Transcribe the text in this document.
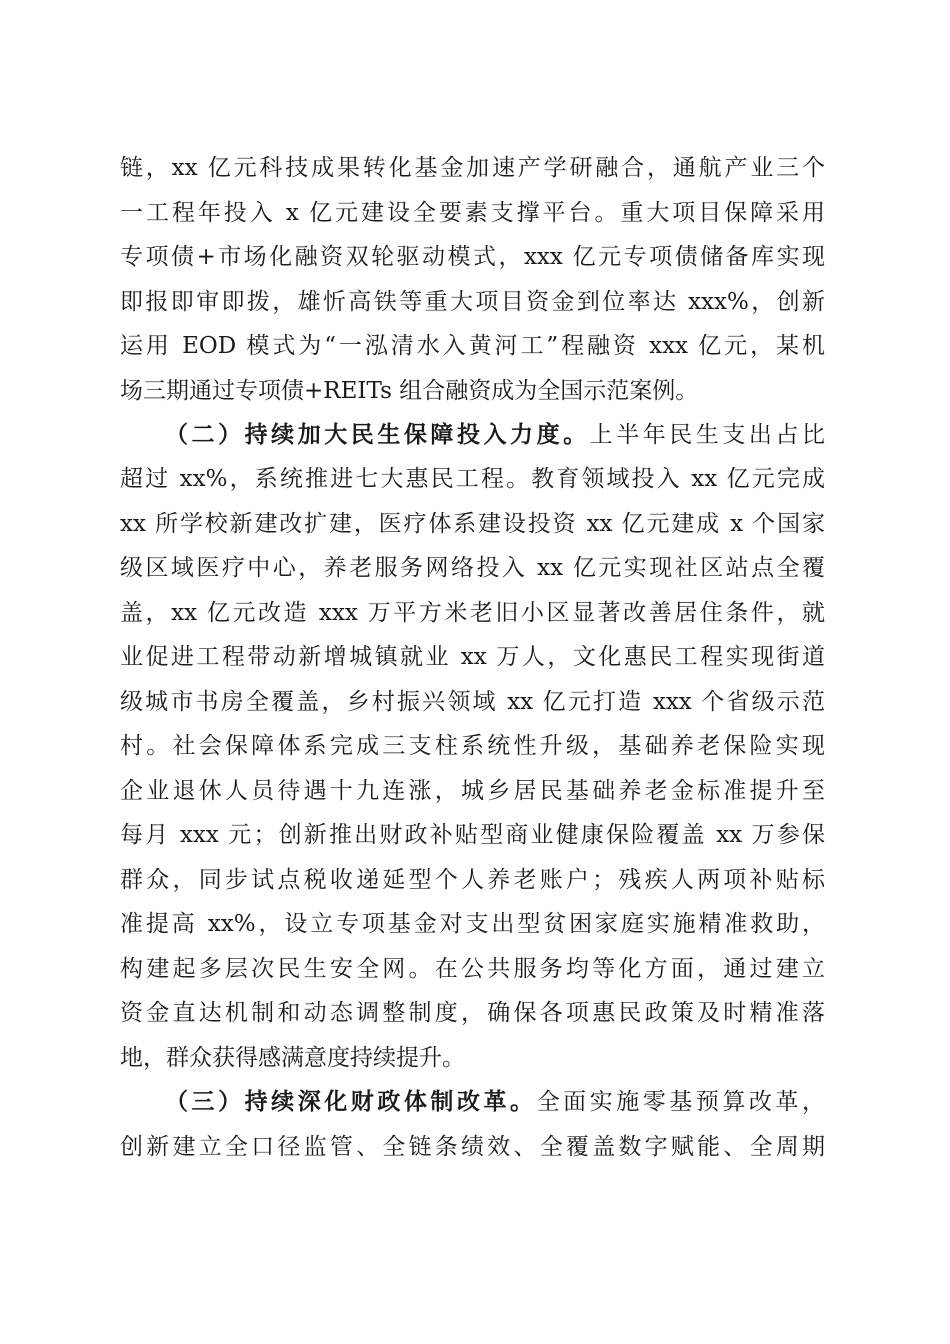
链，xx 亿元科技成果转化基金加速产学研融合，通航产业三个
一工程年投入 x 亿元建设全要素支撑平台。重大项目保障采用
专项债+市场化融资双轮驱动模式，xxx 亿元专项债储备库实现
即报即审即拨，雄忻高铁等重大项目资金到位率达 xxx%，创新
运用 EOD 模式为“一泓清水入黄河工”程融资 xxx 亿元，某机
场三期通过专项债+REITs 组合融资成为全国示范案例。
（二）持续加大民生保障投入力度。上半年民生支出占比
超过 xx%，系统推进七大惠民工程。教育领域投入 xx 亿元完成
xx 所学校新建改扩建，医疗体系建设投资 xx 亿元建成 x 个国家
级区域医疗中心，养老服务网络投入 xx 亿元实现社区站点全覆
盖，xx 亿元改造 xxx 万平方米老旧小区显著改善居住条件，就
业促进工程带动新增城镇就业 xx 万人，文化惠民工程实现街道
级城市书房全覆盖，乡村振兴领域 xx 亿元打造 xxx 个省级示范
村。社会保障体系完成三支柱系统性升级，基础养老保险实现
企业退休人员待遇十九连涨，城乡居民基础养老金标准提升至
每月 xxx 元；创新推出财政补贴型商业健康保险覆盖 xx 万参保
群众，同步试点税收递延型个人养老账户；残疾人两项补贴标
准提高 xx%，设立专项基金对支出型贫困家庭实施精准救助，
构建起多层次民生安全网。在公共服务均等化方面，通过建立
资金直达机制和动态调整制度，确保各项惠民政策及时精准落
地，群众获得感满意度持续提升。
（三）持续深化财政体制改革。全面实施零基预算改革，
创新建立全口径监管、全链条绩效、全覆盖数字赋能、全周期
